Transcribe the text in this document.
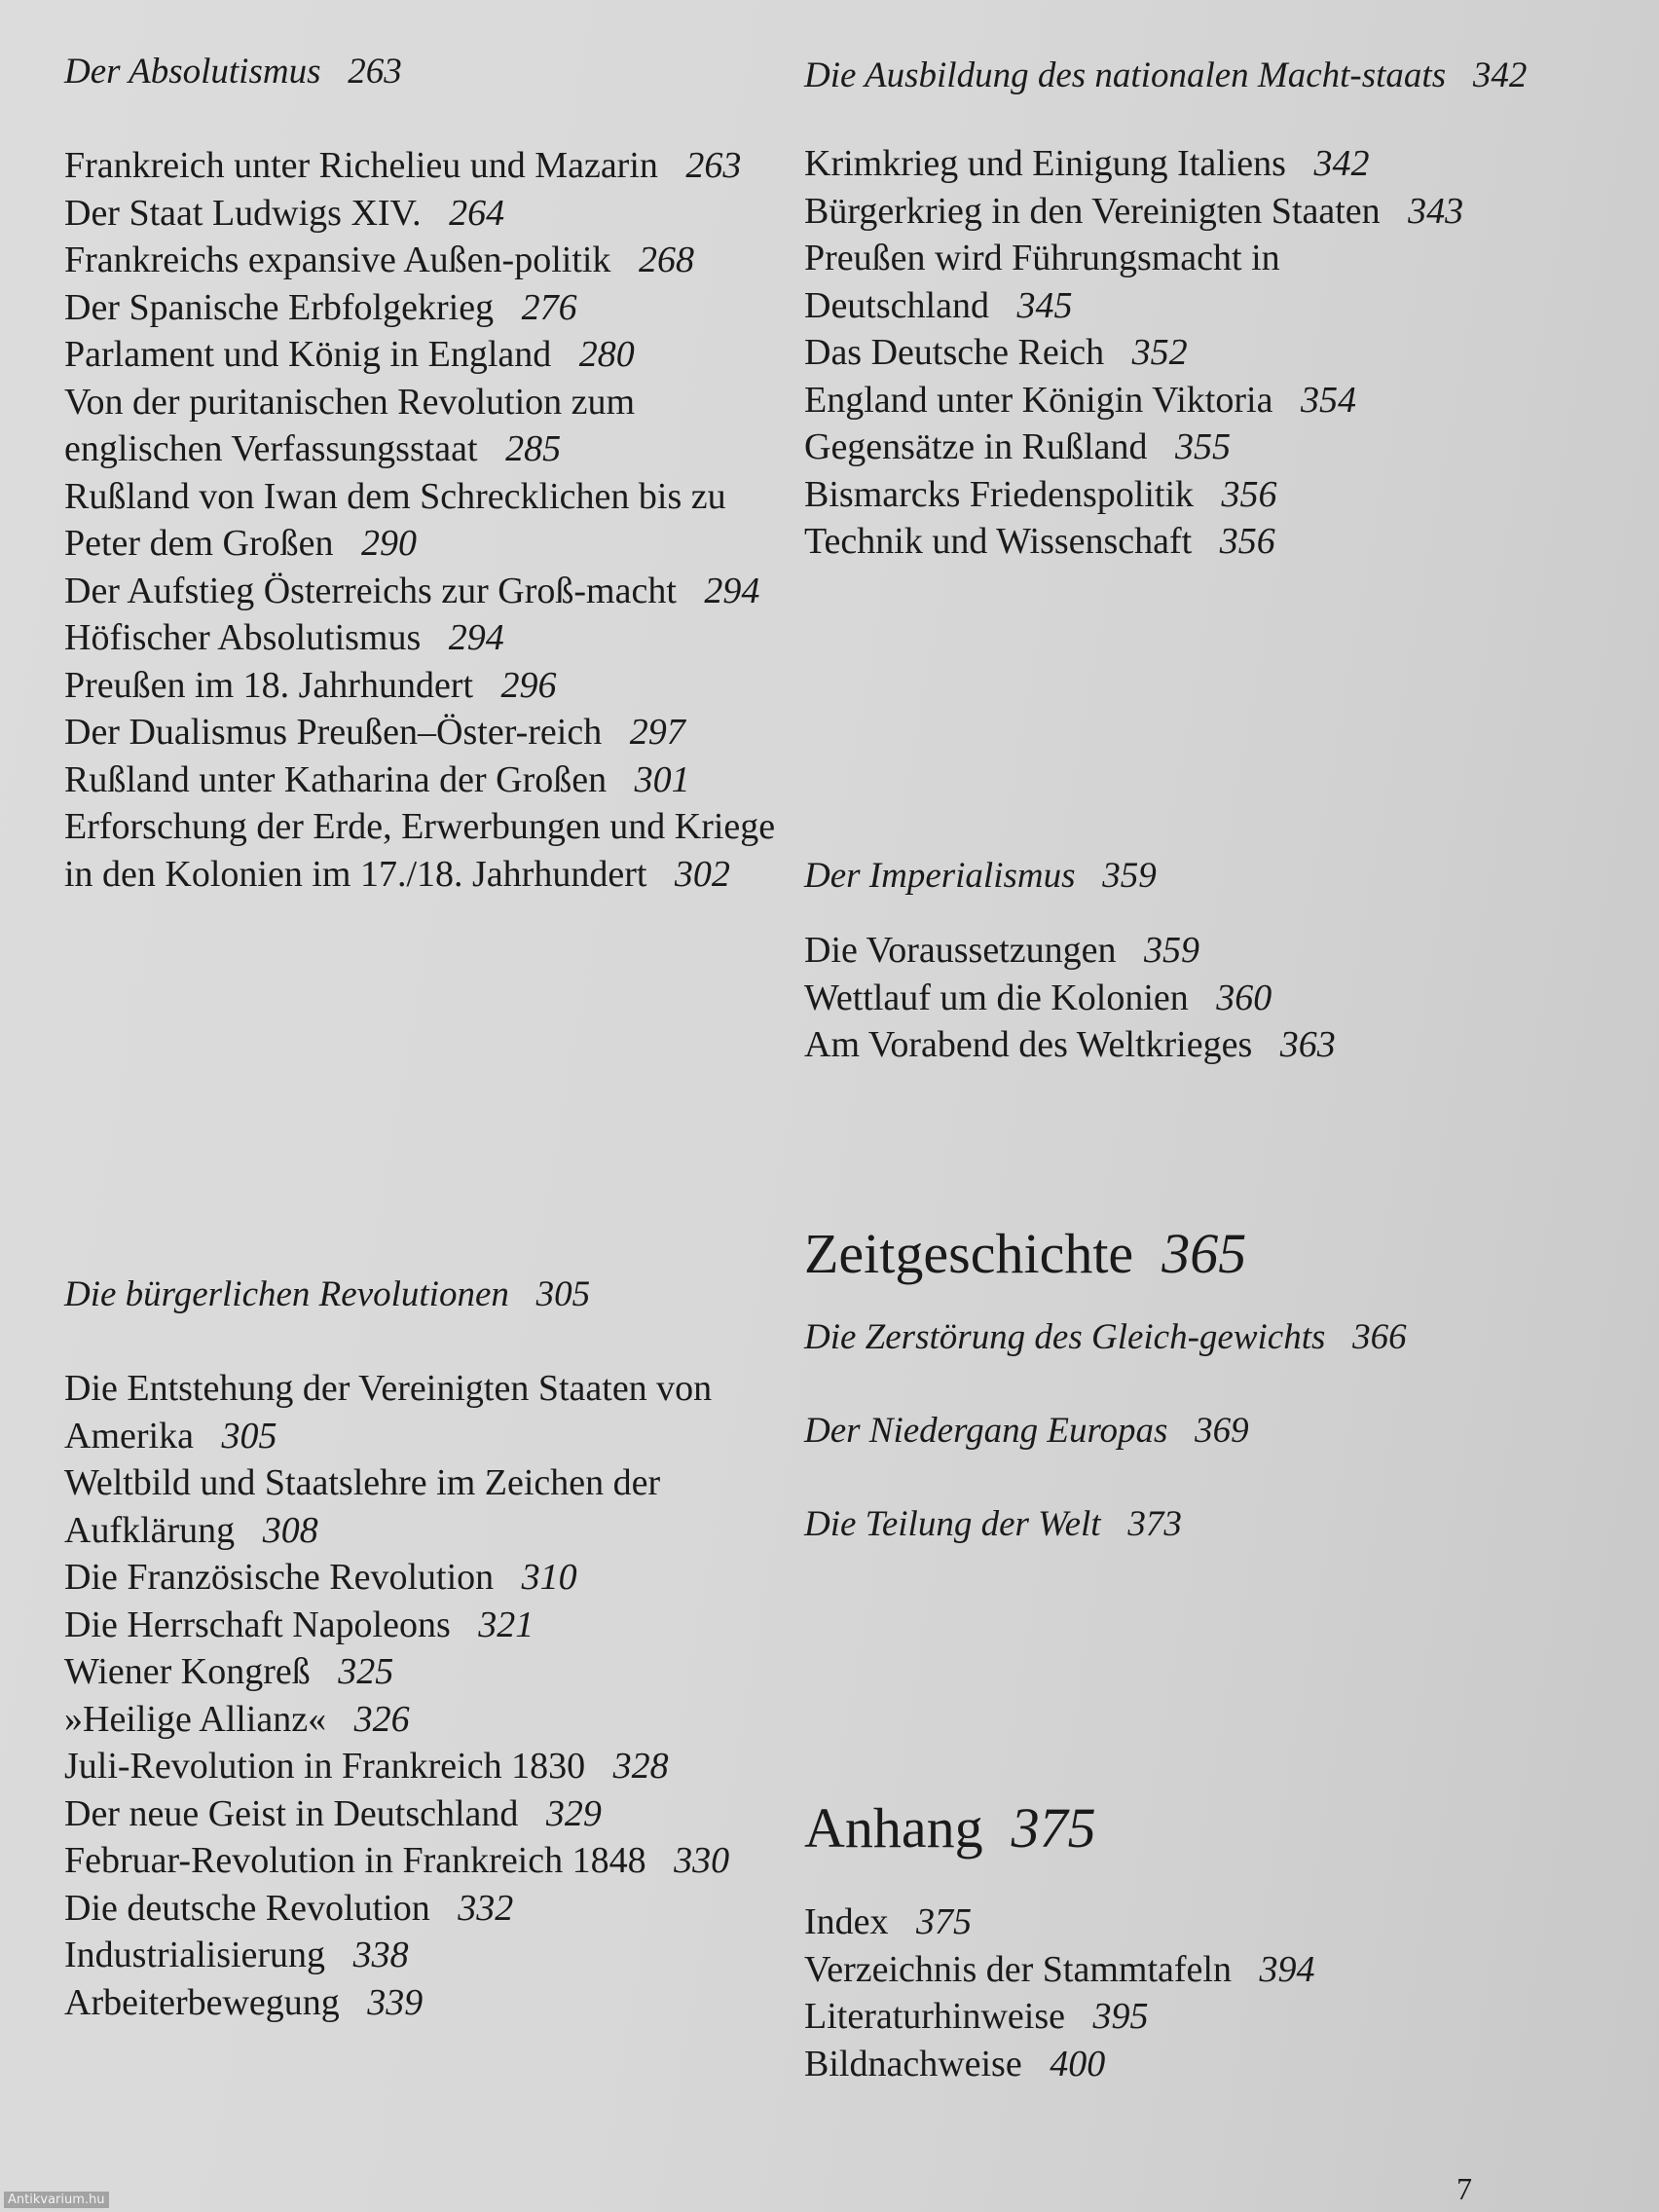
Der Absolutismus 263

Frankreich unter Richelieu und Mazarin 263

Der Staat Ludwigs XIV. 264

Frankreichs expansive Außen-politik 268

Der Spanische Erbfolgekrieg 276

Parlament und König in England 280

Von der puritanischen Revolution zum englischen Verfassungsstaat 285

Rußland von Iwan dem Schrecklichen bis zu Peter dem Großen 290

Der Aufstieg Österreichs zur Groß-macht 294

Höfischer Absolutismus 294

Preußen im 18. Jahrhundert 296

Der Dualismus Preußen–Öster-reich 297

Rußland unter Katharina der Großen 301

Erforschung der Erde, Erwerbungen und Kriege in den Kolonien im 17./18. Jahrhundert 302

Die bürgerlichen Revolutionen 305

Die Entstehung der Vereinigten Staaten von Amerika 305

Weltbild und Staatslehre im Zeichen der Aufklärung 308

Die Französische Revolution 310

Die Herrschaft Napoleons 321

Wiener Kongreß 325

»Heilige Allianz« 326

Juli-Revolution in Frankreich 1830 328

Der neue Geist in Deutschland 329

Februar-Revolution in Frankreich 1848 330

Die deutsche Revolution 332

Industrialisierung 338

Arbeiterbewegung 339

Die Ausbildung des nationalen Macht-staats 342

Krimkrieg und Einigung Italiens 342

Bürgerkrieg in den Vereinigten Staaten 343

Preußen wird Führungsmacht in Deutschland 345

Das Deutsche Reich 352

England unter Königin Viktoria 354

Gegensätze in Rußland 355

Bismarcks Friedenspolitik 356

Technik und Wissenschaft 356

Der Imperialismus 359

Die Voraussetzungen 359

Wettlauf um die Kolonien 360

Am Vorabend des Weltkrieges 363

Zeitgeschichte 365

Die Zerstörung des Gleich-gewichts 366

Der Niedergang Europas 369

Die Teilung der Welt 373

Anhang 375

Index 375

Verzeichnis der Stammtafeln 394

Literaturhinweise 395

Bildnachweise 400

7
Antikvarium.hu
